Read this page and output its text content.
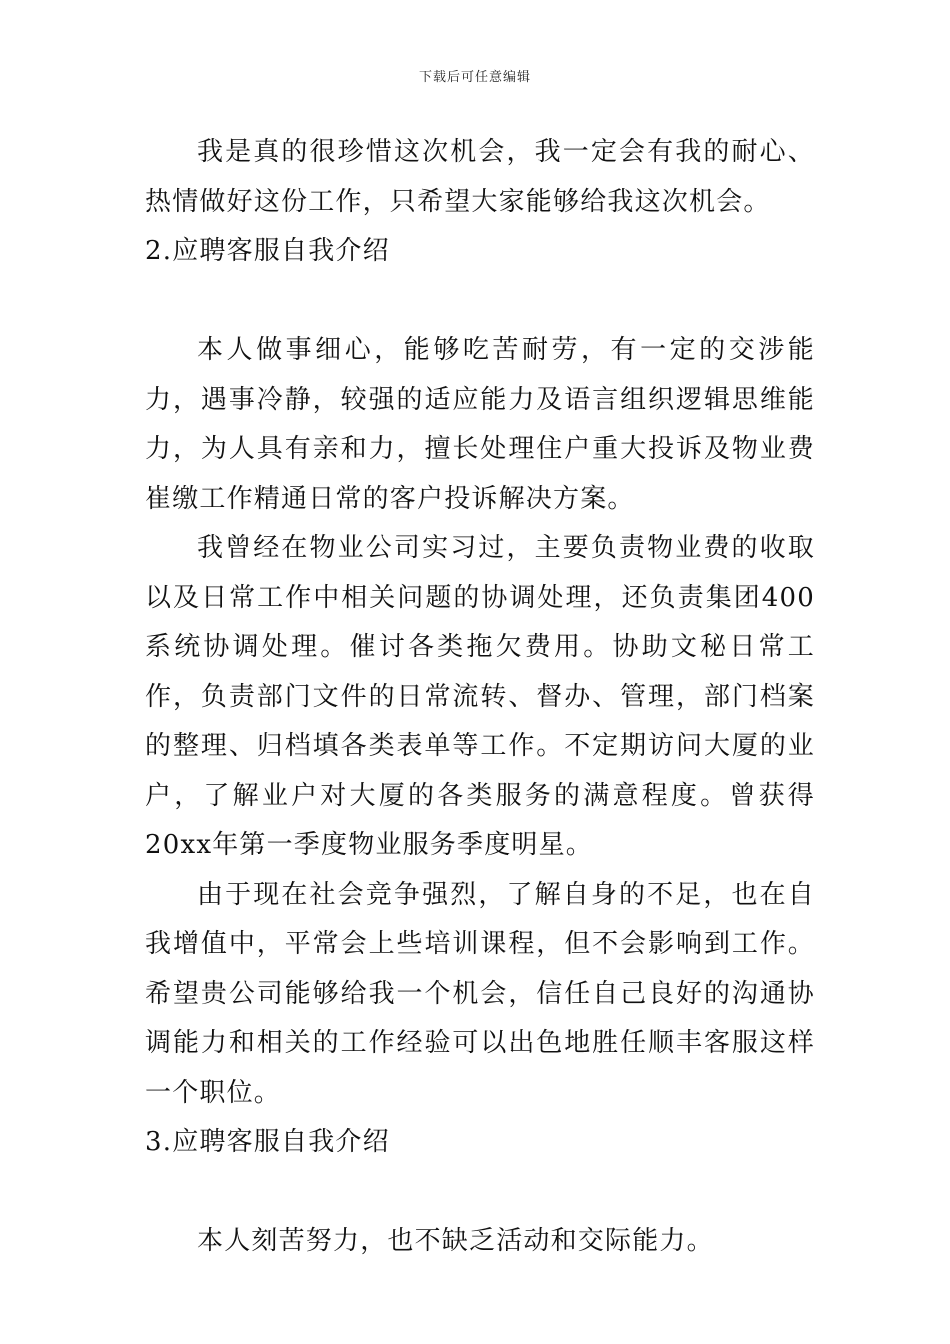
下载后可任意编辑

我是真的很珍惜这次机会，我一定会有我的耐心、热情做好这份工作，只希望大家能够给我这次机会。

2.应聘客服自我介绍

本人做事细心，能够吃苦耐劳，有一定的交涉能力，遇事冷静，较强的适应能力及语言组织逻辑思维能力，为人具有亲和力，擅长处理住户重大投诉及物业费崔缴工作精通日常的客户投诉解决方案。

我曾经在物业公司实习过，主要负责物业费的收取以及日常工作中相关问题的协调处理，还负责集团400系统协调处理。催讨各类拖欠费用。协助文秘日常工作，负责部门文件的日常流转、督办、管理，部门档案的整理、归档填各类表单等工作。不定期访问大厦的业户，了解业户对大厦的各类服务的满意程度。曾获得20xx年第一季度物业服务季度明星。

由于现在社会竞争强烈，了解自身的不足，也在自我增值中，平常会上些培训课程，但不会影响到工作。希望贵公司能够给我一个机会，信任自己良好的沟通协调能力和相关的工作经验可以出色地胜任顺丰客服这样一个职位。

3.应聘客服自我介绍

本人刻苦努力，也不缺乏活动和交际能力。
